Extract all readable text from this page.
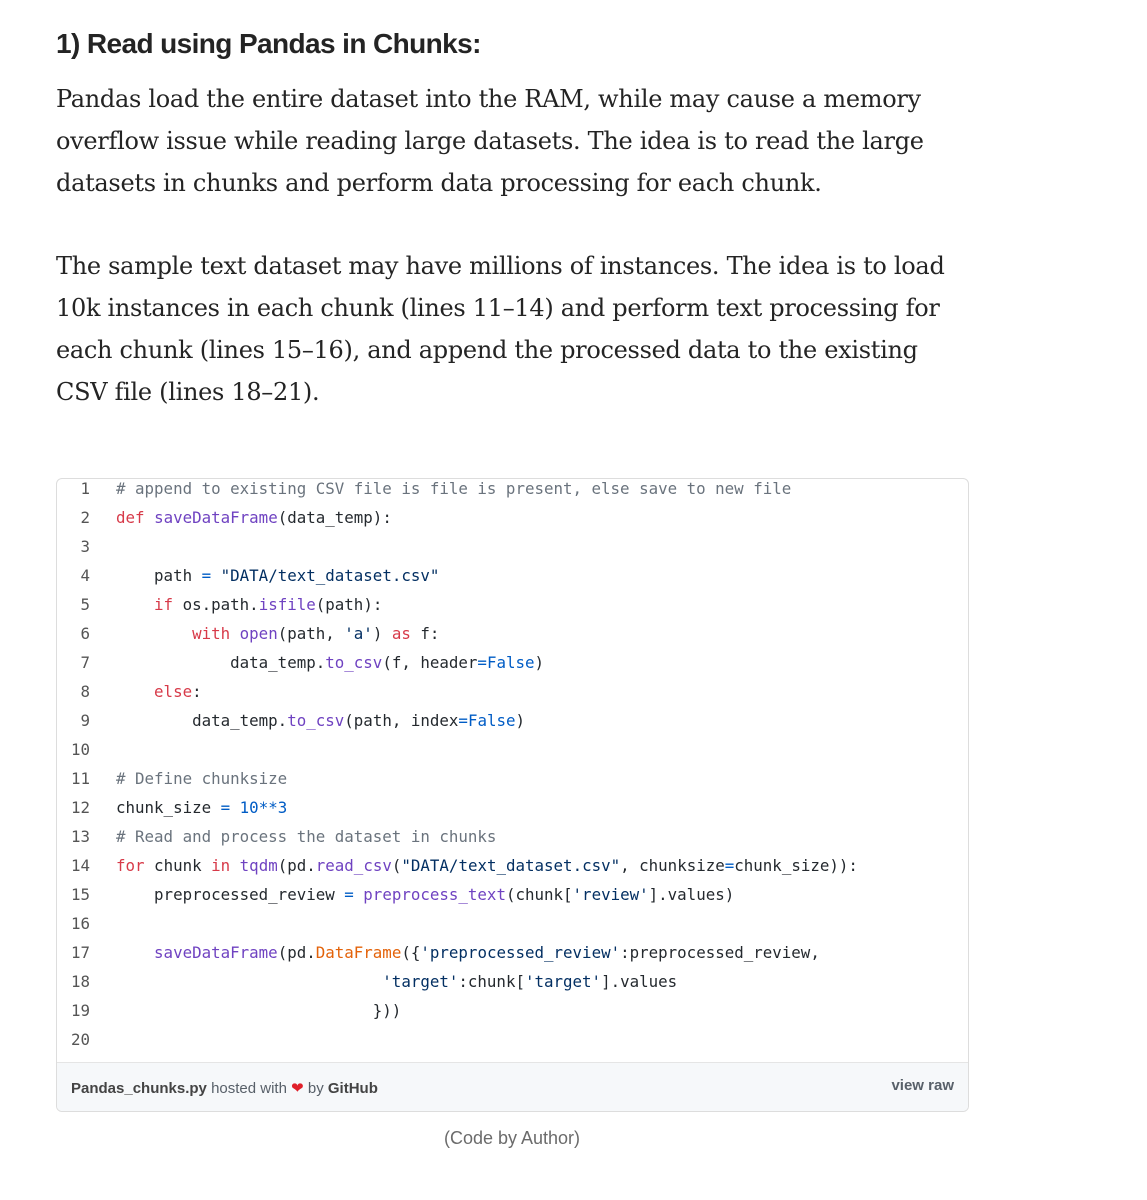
1) Read using Pandas in Chunks:

Pandas load the entire dataset into the RAM, while may cause a memory overflow issue while reading large datasets. The idea is to read the large datasets in chunks and perform data processing for each chunk.

The sample text dataset may have millions of instances. The idea is to load 10k instances in each chunk (lines 11–14) and perform text processing for each chunk (lines 15–16), and append the processed data to the existing CSV file (lines 18–21).

1 # append to existing CSV file is file is present, else save to new file
2 def saveDataFrame(data_temp):
3
4    path = "DATA/text_dataset.csv"
5	if os.path.isfile(path):
6	with open(path, 'a') as f:
7            data_temp.to_csv(f, header=False)
8	else:
9        data_temp.to_csv(path, index=False)
10
11 # Define chunksize
12 chunk_size = 10**3
13 # Read and process the dataset in chunks
14 for chunk in tqdm(pd.read_csv("DATA/text_dataset.csv", chunksize=chunk_size)):
15    preprocessed_review = preprocess_text(chunk['review'].values)
16
17	saveDataFrame(pd.DataFrame({'preprocessed_review':preprocessed_review,
18	'target':chunk['target'].values
19                           }))
20
Pandas_chunks.py hosted with ❤ by GitHub	view raw
(Code by Author)
